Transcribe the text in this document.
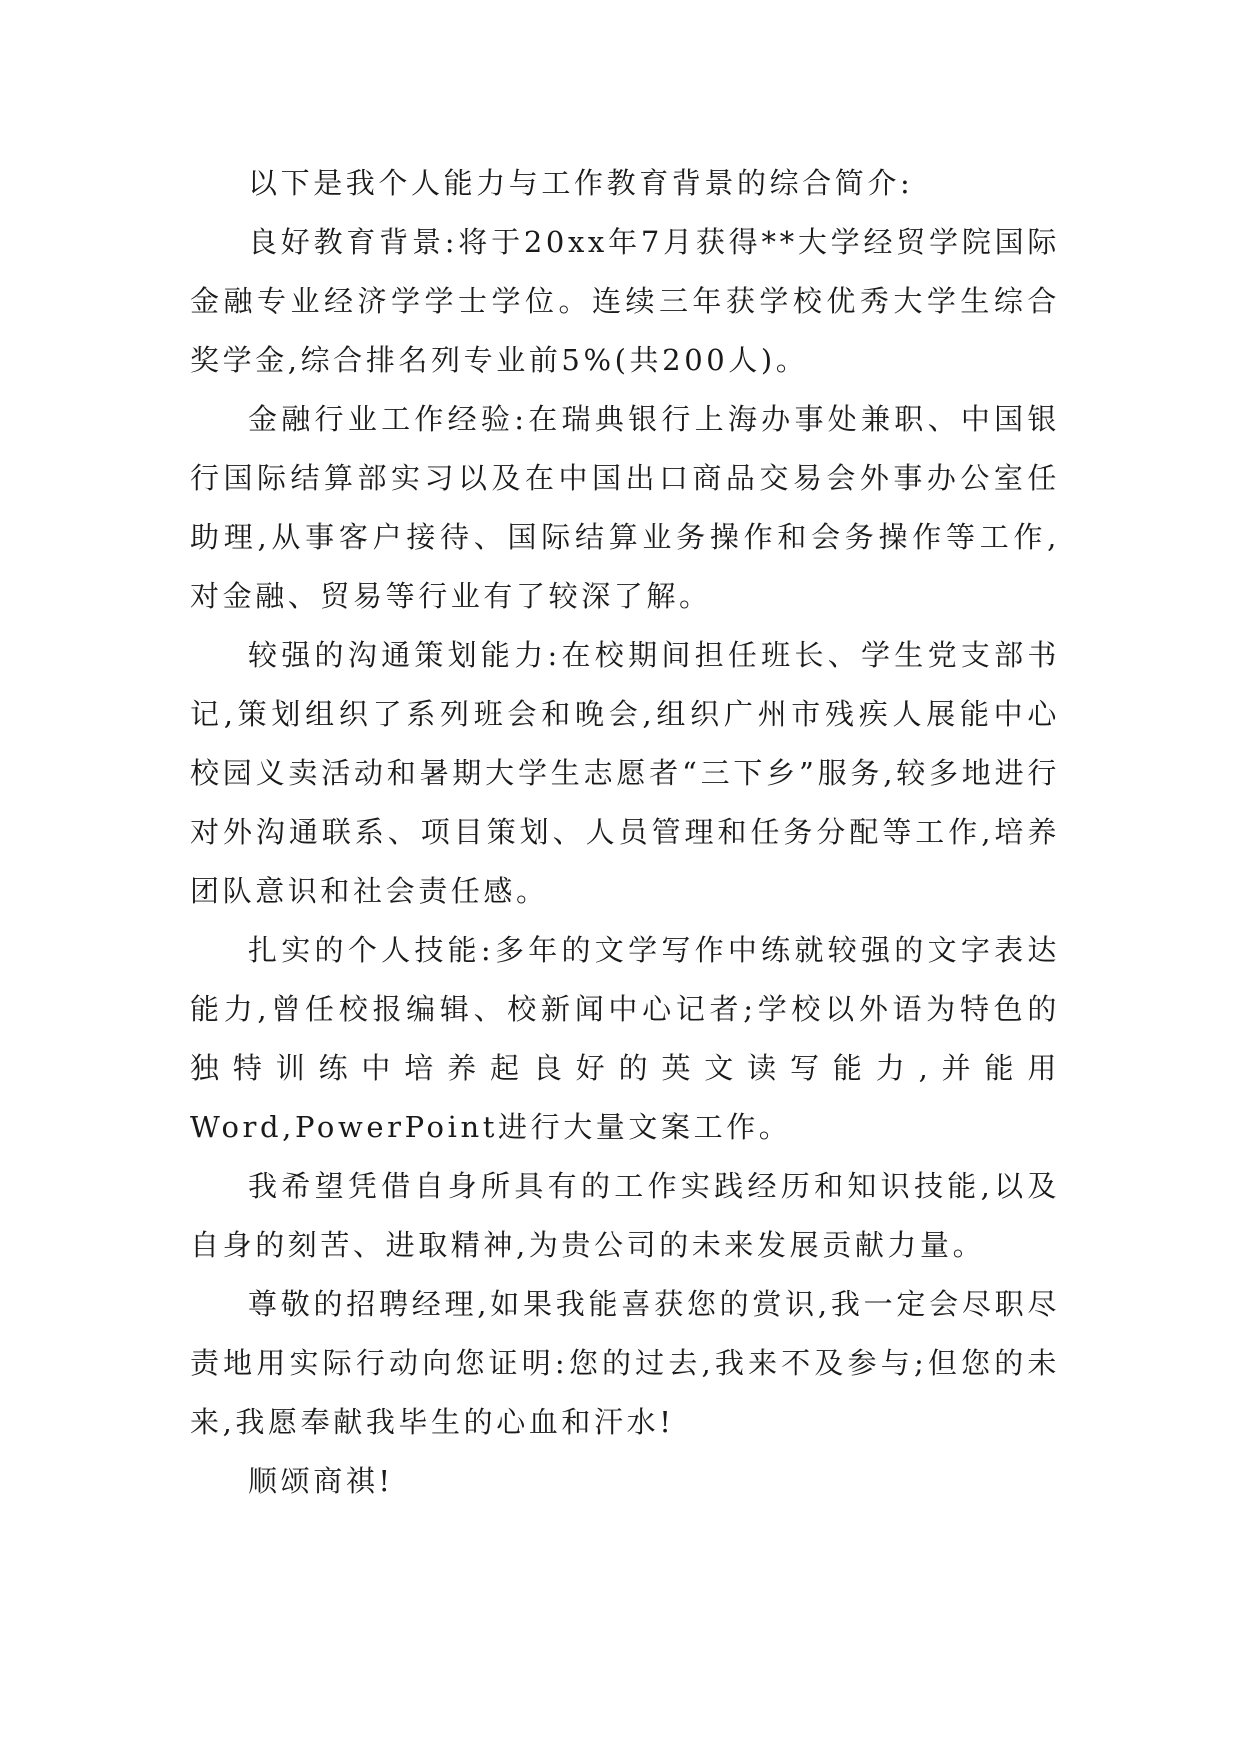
以下是我个人能力与工作教育背景的综合简介:

良好教育背景:将于20xx年7月获得**大学经贸学院国际金融专业经济学学士学位。连续三年获学校优秀大学生综合奖学金,综合排名列专业前5%(共200人)。

金融行业工作经验:在瑞典银行上海办事处兼职、中国银行国际结算部实习以及在中国出口商品交易会外事办公室任助理,从事客户接待、国际结算业务操作和会务操作等工作,对金融、贸易等行业有了较深了解。

较强的沟通策划能力:在校期间担任班长、学生党支部书记,策划组织了系列班会和晚会,组织广州市残疾人展能中心校园义卖活动和暑期大学生志愿者“三下乡”服务,较多地进行对外沟通联系、项目策划、人员管理和任务分配等工作,培养团队意识和社会责任感。

扎实的个人技能:多年的文学写作中练就较强的文字表达能力,曾任校报编辑、校新闻中心记者;学校以外语为特色的独特训练中培养起良好的英文读写能力,并能用Word,PowerPoint进行大量文案工作。

我希望凭借自身所具有的工作实践经历和知识技能,以及自身的刻苦、进取精神,为贵公司的未来发展贡献力量。

尊敬的招聘经理,如果我能喜获您的赏识,我一定会尽职尽责地用实际行动向您证明:您的过去,我来不及参与;但您的未来,我愿奉献我毕生的心血和汗水!

顺颂商祺!
